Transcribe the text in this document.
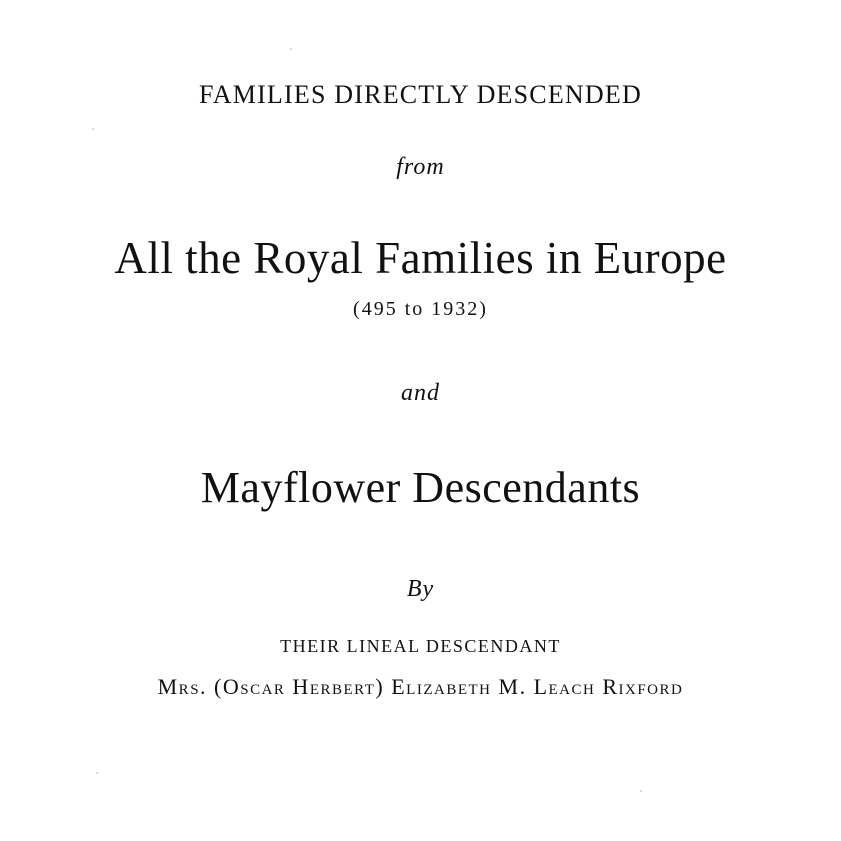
FAMILIES DIRECTLY DESCENDED

from

All the Royal Families in Europe

(495 to 1932)

and

Mayflower Descendants

By

THEIR LINEAL DESCENDANT

Mrs. (Oscar Herbert) Elizabeth M. Leach Rixford
